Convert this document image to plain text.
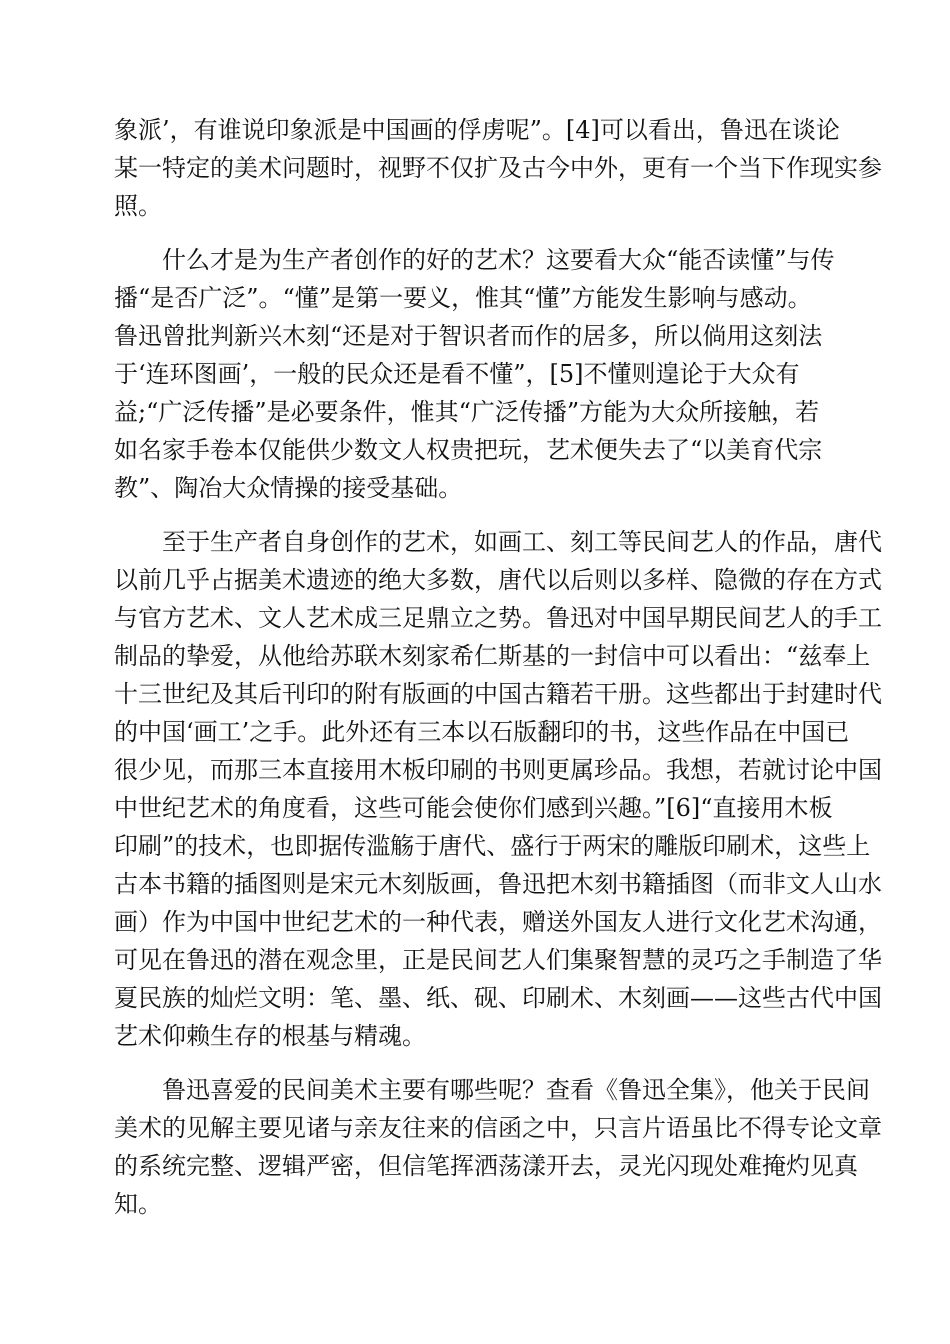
象派’，有谁说印象派是中国画的俘虏呢”。[4]可以看出，鲁迅在谈论
某一特定的美术问题时，视野不仅扩及古今中外，更有一个当下作现实参
照。
什么才是为生产者创作的好的艺术？这要看大众“能否读懂”与传
播“是否广泛”。“懂”是第一要义，惟其“懂”方能发生影响与感动。
鲁迅曾批判新兴木刻“还是对于智识者而作的居多，所以倘用这刻法
于‘连环图画’，一般的民众还是看不懂”，[5]不懂则遑论于大众有
益;“广泛传播”是必要条件，惟其“广泛传播”方能为大众所接触，若
如名家手卷本仅能供少数文人权贵把玩，艺术便失去了“以美育代宗
教”、陶冶大众情操的接受基础。
至于生产者自身创作的艺术，如画工、刻工等民间艺人的作品，唐代
以前几乎占据美术遗迹的绝大多数，唐代以后则以多样、隐微的存在方式
与官方艺术、文人艺术成三足鼎立之势。鲁迅对中国早期民间艺人的手工
制品的挚爱，从他给苏联木刻家希仁斯基的一封信中可以看出：“兹奉上
十三世纪及其后刊印的附有版画的中国古籍若干册。这些都出于封建时代
的中国‘画工’之手。此外还有三本以石版翻印的书，这些作品在中国已
很少见，而那三本直接用木板印刷的书则更属珍品。我想，若就讨论中国
中世纪艺术的角度看，这些可能会使你们感到兴趣。”[6]“直接用木板
印刷”的技术，也即据传滥觞于唐代、盛行于两宋的雕版印刷术，这些上
古本书籍的插图则是宋元木刻版画，鲁迅把木刻书籍插图（而非文人山水
画）作为中国中世纪艺术的一种代表，赠送外国友人进行文化艺术沟通，
可见在鲁迅的潜在观念里，正是民间艺人们集聚智慧的灵巧之手制造了华
夏民族的灿烂文明：笔、墨、纸、砚、印刷术、木刻画——这些古代中国
艺术仰赖生存的根基与精魂。
鲁迅喜爱的民间美术主要有哪些呢？查看《鲁迅全集》，他关于民间
美术的见解主要见诸与亲友往来的信函之中，只言片语虽比不得专论文章
的系统完整、逻辑严密，但信笔挥洒荡漾开去，灵光闪现处难掩灼见真
知。
